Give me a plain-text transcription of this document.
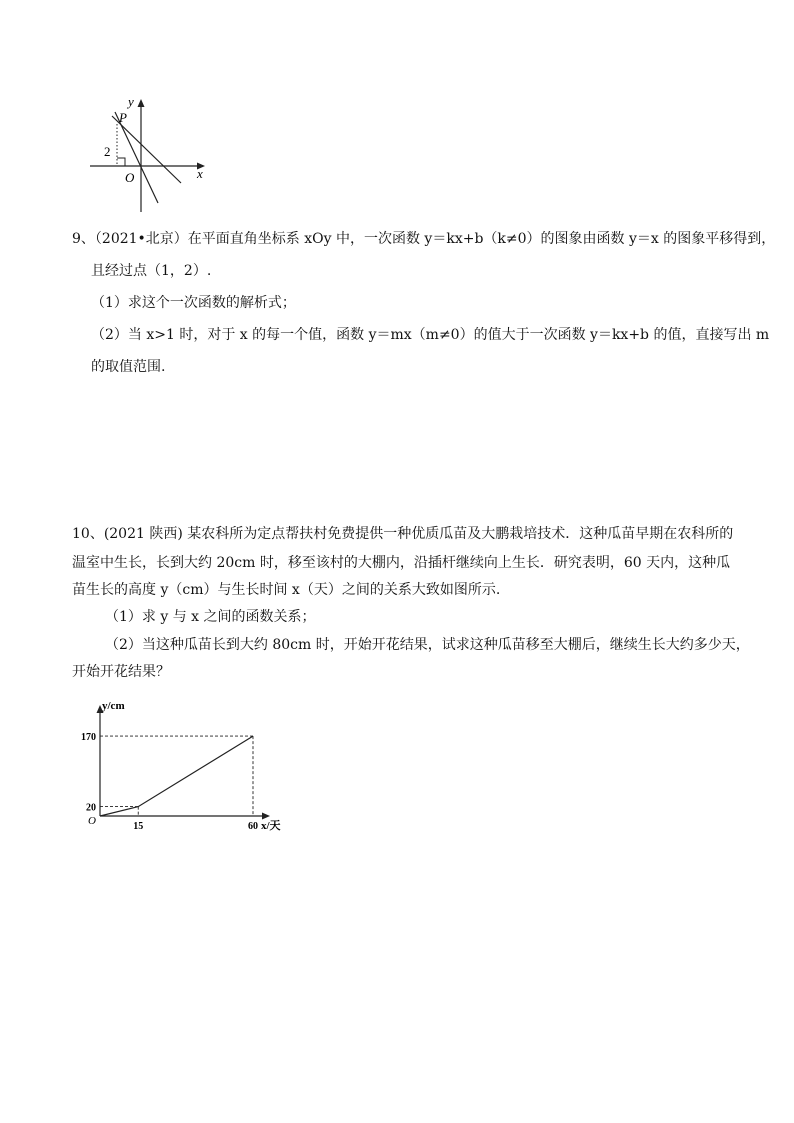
y
x
P
O
2
9、（2021•北京）在平面直角坐标系 xOy 中，一次函数 y＝kx+b（k≠0）的图象由函数 y＝x 的图象平移得到，
且经过点（1，2）.
（1）求这个一次函数的解析式；
（2）当 x>1 时，对于 x 的每一个值，函数 y＝mx（m≠0）的值大于一次函数 y＝kx+b 的值，直接写出 m
的取值范围.
10、(2021 陕西) 某农科所为定点帮扶村免费提供一种优质瓜苗及大鹏栽培技术．这种瓜苗早期在农科所的
温室中生长，长到大约 20cm 时，移至该村的大棚内，沿插杆继续向上生长．研究表明，60 天内，这种瓜
苗生长的高度 y（cm）与生长时间 x（天）之间的关系大致如图所示.
（1）求 y 与 x 之间的函数关系；
（2）当这种瓜苗长到大约 80cm 时，开始开花结果，试求这种瓜苗移至大棚后，继续生长大约多少天，
开始开花结果？
y/cm
x/天
O	15	60
20
170
